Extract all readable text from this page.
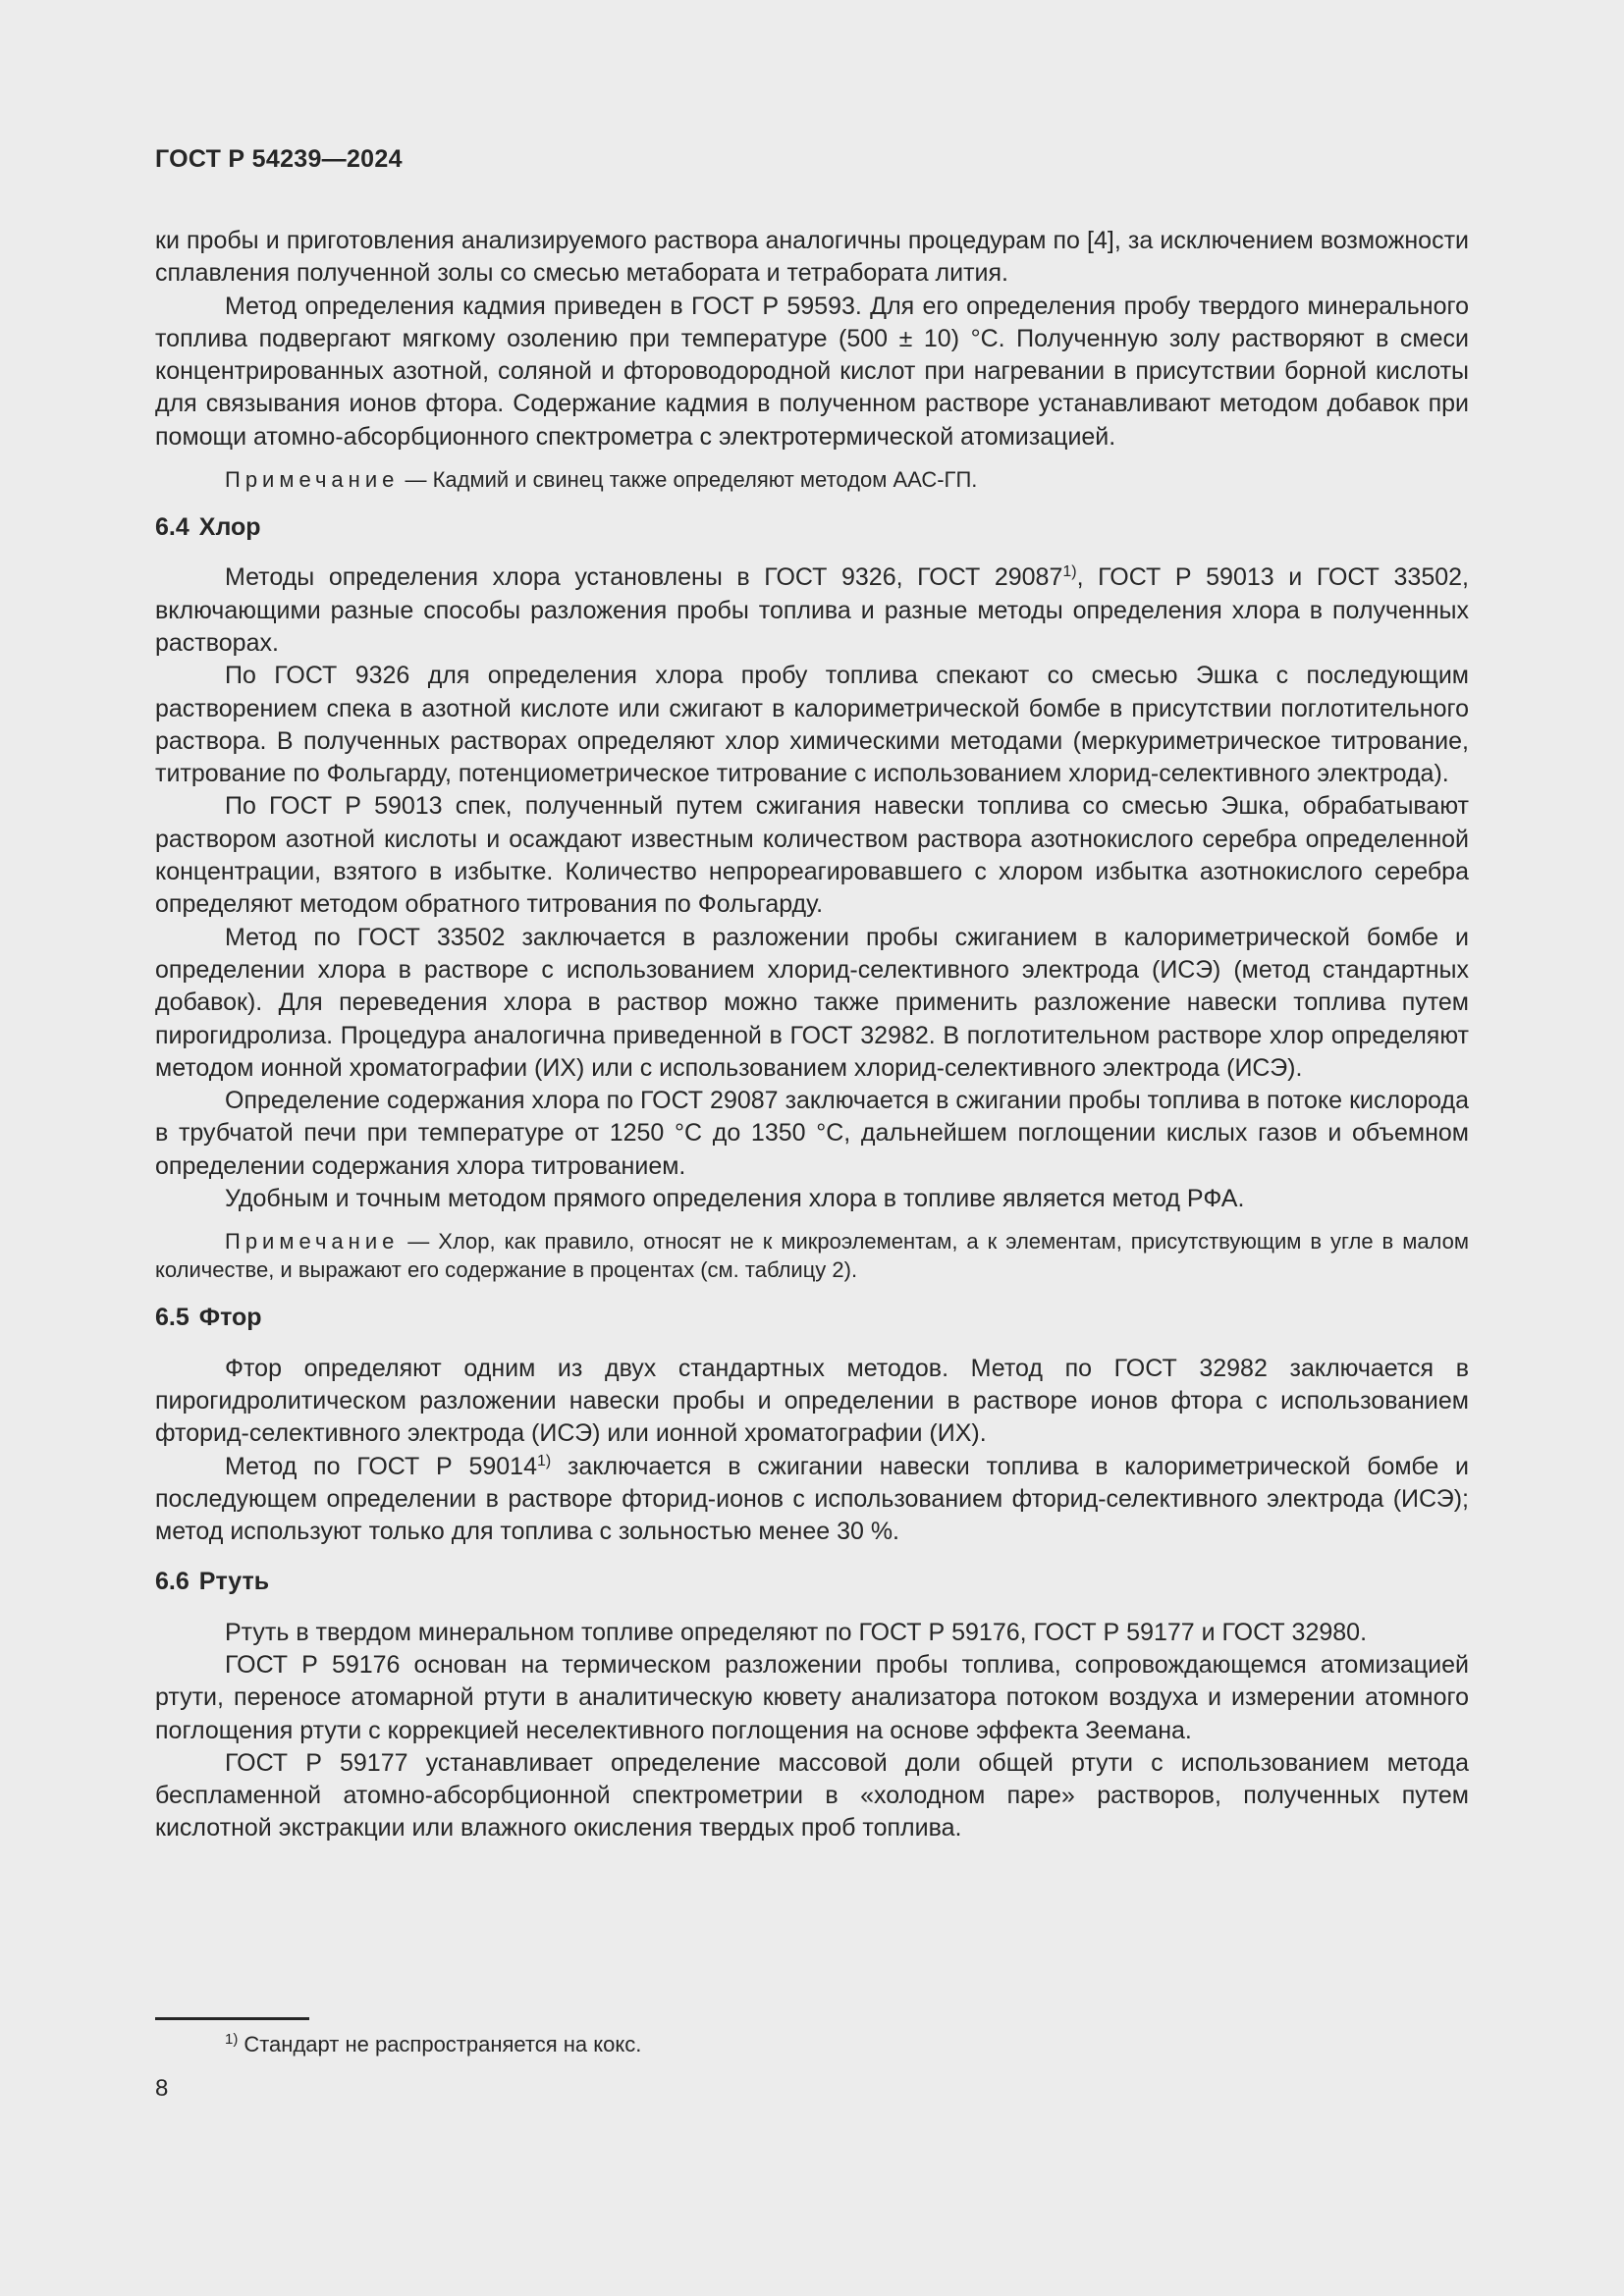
ГОСТ Р 54239—2024

ки пробы и приготовления анализируемого раствора аналогичны процедурам по [4], за исключением возможности сплавления полученной золы со смесью метабората и тетрабората лития.

Метод определения кадмия приведен в ГОСТ Р 59593. Для его определения пробу твердого минерального топлива подвергают мягкому озолению при температуре (500 ± 10) °C. Полученную золу растворяют в смеси концентрированных азотной, соляной и фтороводородной кислот при нагревании в присутствии борной кислоты для связывания ионов фтора. Содержание кадмия в полученном растворе устанавливают методом добавок при помощи атомно-абсорбционного спектрометра с электротермической атомизацией.

Примечание — Кадмий и свинец также определяют методом ААС-ГП.

6.4 Хлор

Методы определения хлора установлены в ГОСТ 9326, ГОСТ 29087$^{1)}$, ГОСТ Р 59013 и ГОСТ 33502, включающими разные способы разложения пробы топлива и разные методы определения хлора в полученных растворах.

По ГОСТ 9326 для определения хлора пробу топлива спекают со смесью Эшка с последующим растворением спека в азотной кислоте или сжигают в калориметрической бомбе в присутствии поглотительного раствора. В полученных растворах определяют хлор химическими методами (меркуриметрическое титрование, титрование по Фольгарду, потенциометрическое титрование с использованием хлорид-селективного электрода).

По ГОСТ Р 59013 спек, полученный путем сжигания навески топлива со смесью Эшка, обрабатывают раствором азотной кислоты и осаждают известным количеством раствора азотнокислого серебра определенной концентрации, взятого в избытке. Количество непрореагировавшего с хлором избытка азотнокислого серебра определяют методом обратного титрования по Фольгарду.

Метод по ГОСТ 33502 заключается в разложении пробы сжиганием в калориметрической бомбе и определении хлора в растворе с использованием хлорид-селективного электрода (ИСЭ) (метод стандартных добавок). Для переведения хлора в раствор можно также применить разложение навески топлива путем пирогидролиза. Процедура аналогична приведенной в ГОСТ 32982. В поглотительном растворе хлор определяют методом ионной хроматографии (ИХ) или с использованием хлорид-селективного электрода (ИСЭ).

Определение содержания хлора по ГОСТ 29087 заключается в сжигании пробы топлива в потоке кислорода в трубчатой печи при температуре от 1250 °C до 1350 °C, дальнейшем поглощении кислых газов и объемном определении содержания хлора титрованием.

Удобным и точным методом прямого определения хлора в топливе является метод РФА.

Примечание — Хлор, как правило, относят не к микроэлементам, а к элементам, присутствующим в угле в малом количестве, и выражают его содержание в процентах (см. таблицу 2).

6.5 Фтор

Фтор определяют одним из двух стандартных методов. Метод по ГОСТ 32982 заключается в пирогидролитическом разложении навески пробы и определении в растворе ионов фтора с использованием фторид-селективного электрода (ИСЭ) или ионной хроматографии (ИХ).

Метод по ГОСТ Р 59014$^{1)}$ заключается в сжигании навески топлива в калориметрической бомбе и последующем определении в растворе фторид-ионов с использованием фторид-селективного электрода (ИСЭ); метод используют только для топлива с зольностью менее 30 %.

6.6 Ртуть

Ртуть в твердом минеральном топливе определяют по ГОСТ Р 59176, ГОСТ Р 59177 и ГОСТ 32980.

ГОСТ Р 59176 основан на термическом разложении пробы топлива, сопровождающемся атомизацией ртути, переносе атомарной ртути в аналитическую кювету анализатора потоком воздуха и измерении атомного поглощения ртути с коррекцией неселективного поглощения на основе эффекта Зеемана.

ГОСТ Р 59177 устанавливает определение массовой доли общей ртути с использованием метода беспламенной атомно-абсорбционной спектрометрии в «холодном паре» растворов, полученных путем кислотной экстракции или влажного окисления твердых проб топлива.

$^{1)}$ Стандарт не распространяется на кокс.
8
